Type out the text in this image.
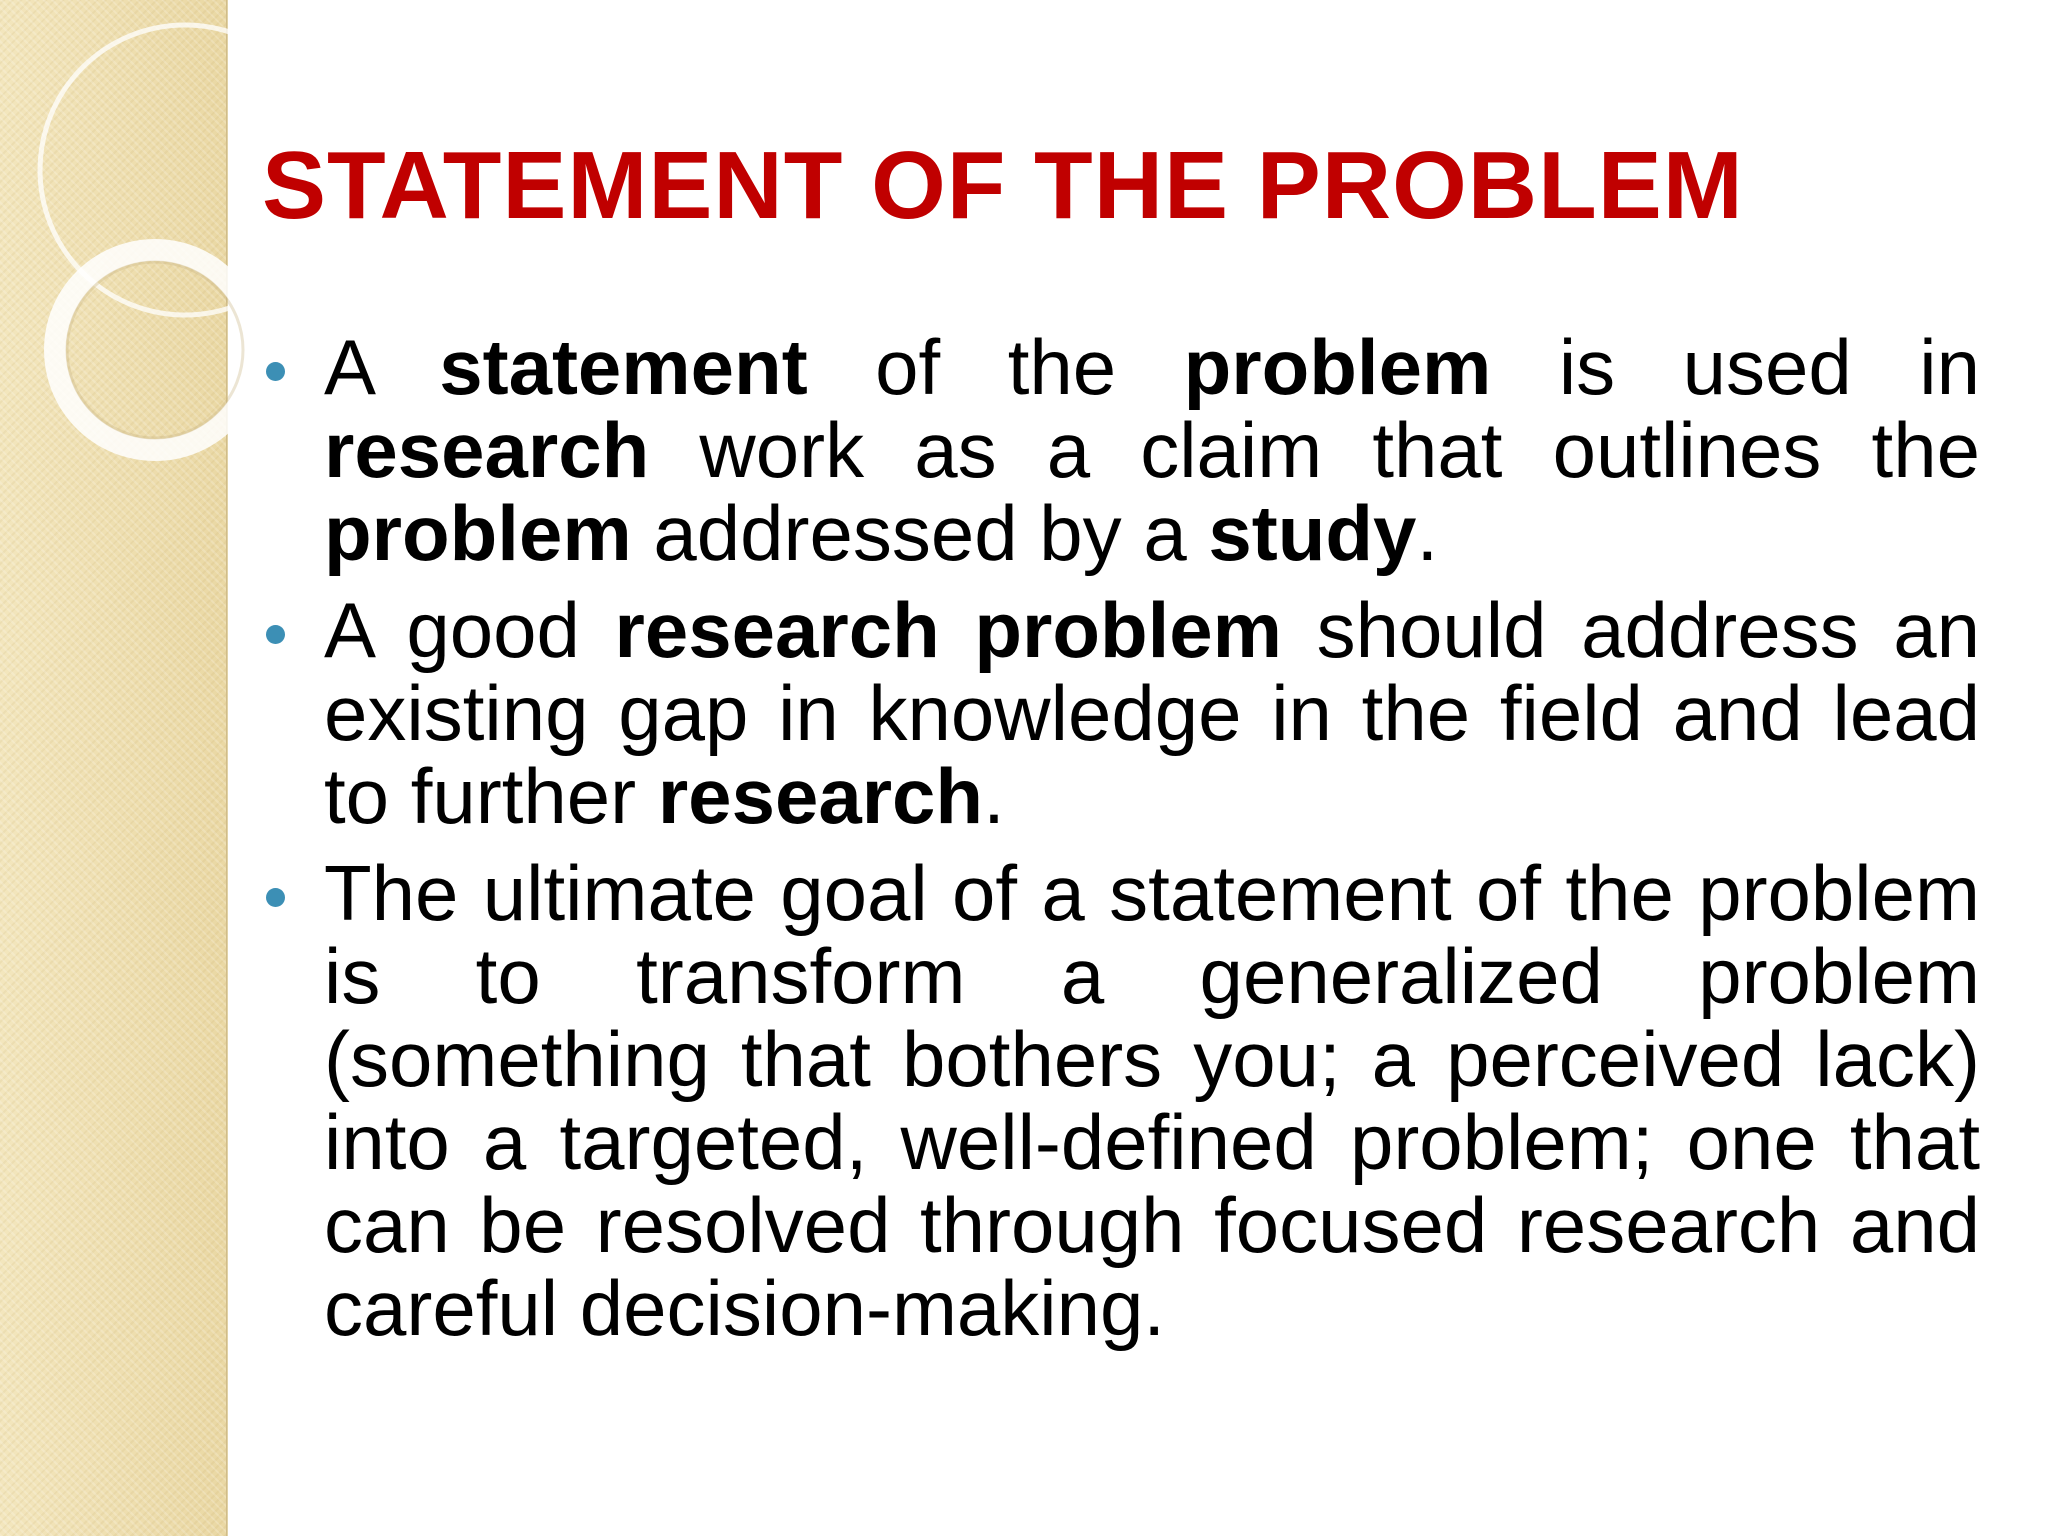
STATEMENT OF THE PROBLEM
A statement of the problem is used in research work as a claim that outlines the problem addressed by a study.
A good research problem should address an existing gap in knowledge in the field and lead to further research.
The ultimate goal of a statement of the problem is to transform a generalized problem (something that bothers you; a perceived lack) into a targeted, well-defined problem; one that can be resolved through focused research and careful decision-making.
